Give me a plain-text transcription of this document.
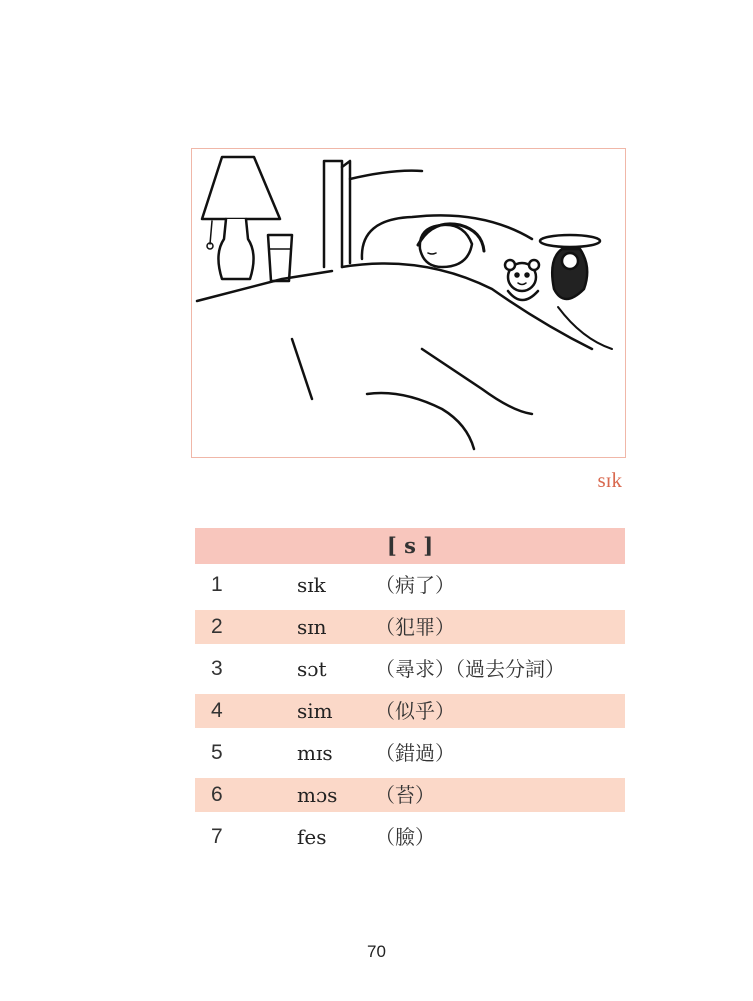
sɪk
[ s ]
1	sɪk （病了）
2	sɪn （犯罪）
3	sɔt （尋求）（過去分詞）
4	sim （似乎）
5	mɪs （錯過）
6	mɔs （苔）
7	fes （臉）
70
